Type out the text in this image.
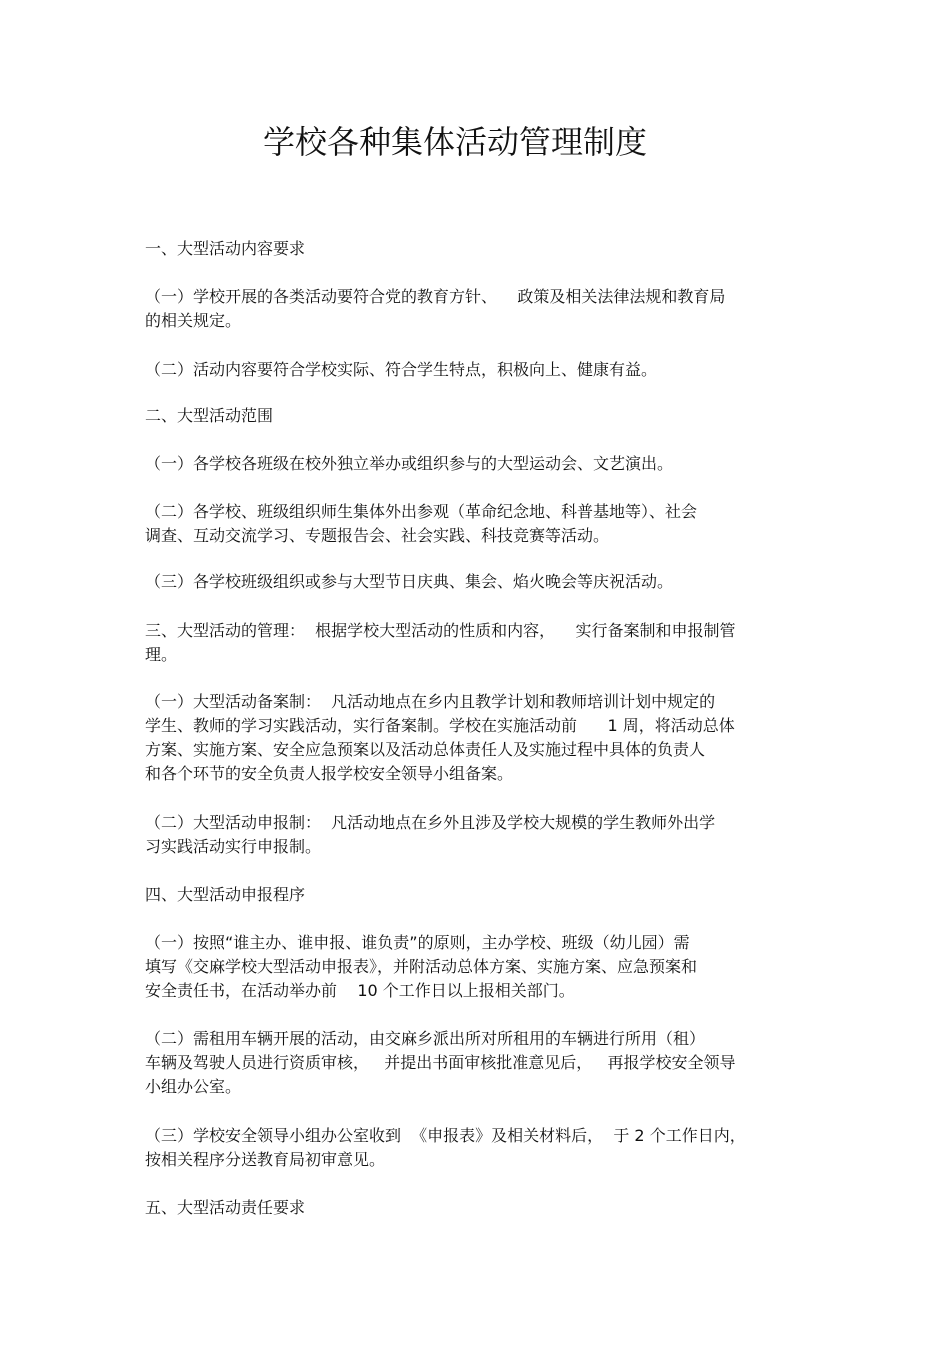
学校各种集体活动管理制度
一、大型活动内容要求
（一）学校开展的各类活动要符合党的教育方针、    政策及相关法律法规和教育局
的相关规定。
（二）活动内容要符合学校实际、符合学生特点，积极向上、健康有益。
二、大型活动范围
（一）各学校各班级在校外独立举办或组织参与的大型运动会、文艺演出。
（二）各学校、班级组织师生集体外出参观（革命纪念地、科普基地等）、社会
调查、互动交流学习、专题报告会、社会实践、科技竞赛等活动。
（三）各学校班级组织或参与大型节日庆典、集会、焰火晚会等庆祝活动。
三、大型活动的管理：  根据学校大型活动的性质和内容，    实行备案制和申报制管
理。
（一）大型活动备案制：  凡活动地点在乡内且教学计划和教师培训计划中规定的
学生、教师的学习实践活动，实行备案制。学校在实施活动前      1 周，将活动总体
方案、实施方案、安全应急预案以及活动总体责任人及实施过程中具体的负责人
和各个环节的安全负责人报学校安全领导小组备案。
（二）大型活动申报制：  凡活动地点在乡外且涉及学校大规模的学生教师外出学
习实践活动实行申报制。
四、大型活动申报程序
（一）按照“谁主办、谁申报、谁负责”的原则，主办学校、班级（幼儿园）需
填写《交麻学校大型活动申报表》，并附活动总体方案、实施方案、应急预案和
安全责任书，在活动举办前    10 个工作日以上报相关部门。
（二）需租用车辆开展的活动，由交麻乡派出所对所租用的车辆进行所用（租）
车辆及驾驶人员进行资质审核，   并提出书面审核批准意见后，   再报学校安全领导
小组办公室。
（三）学校安全领导小组办公室收到  《申报表》及相关材料后，  于 2 个工作日内，
按相关程序分送教育局初审意见。
五、大型活动责任要求
